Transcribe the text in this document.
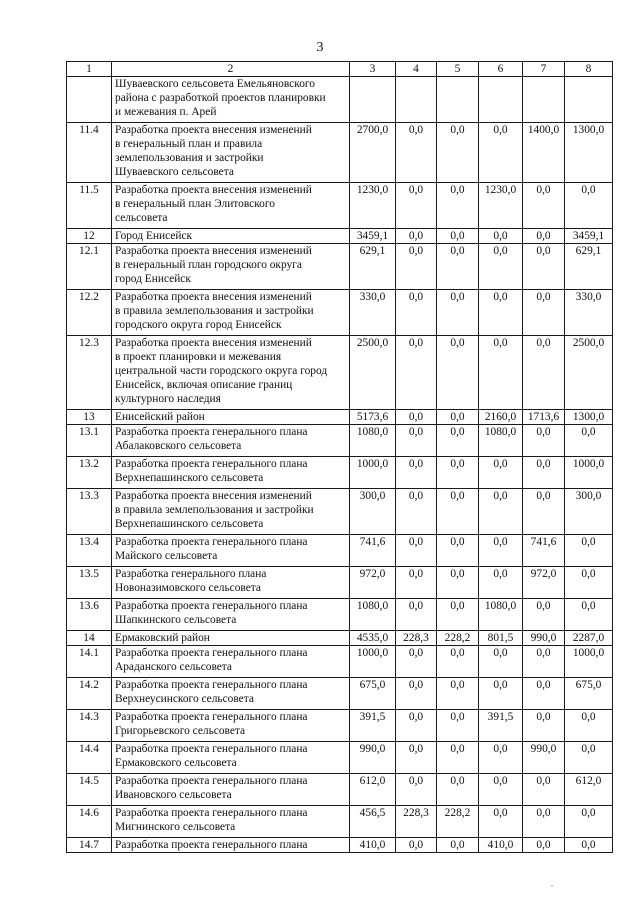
3
1	2	3	4	5	6	7	8
	Шуваевского сельсовета Емельяновского
района с разработкой проектов планировки
и межевания п. Арей						
11.4	Разработка проекта внесения изменений
в генеральный план и правила
землепользования и застройки
Шуваевского сельсовета	2700,0	0,0	0,0	0,0	1400,0	1300,0
11.5	Разработка проекта внесения изменений
в генеральный план Элитовского
сельсовета	1230,0	0,0	0,0	1230,0	0,0	0,0
12	Город Енисейск	3459,1	0,0	0,0	0,0	0,0	3459,1
12.1	Разработка проекта внесения изменений
в генеральный план городского округа
город Енисейск	629,1	0,0	0,0	0,0	0,0	629,1
12.2	Разработка проекта внесения изменений
в правила землепользования и застройки
городского округа город Енисейск	330,0	0,0	0,0	0,0	0,0	330,0
12.3	Разработка проекта внесения изменений
в проект планировки и межевания
центральной части городского округа город
Енисейск, включая описание границ
культурного наследия	2500,0	0,0	0,0	0,0	0,0	2500,0
13	Енисейский район	5173,6	0,0	0,0	2160,0	1713,6	1300,0
13.1	Разработка проекта генерального плана
Абалаковского сельсовета	1080,0	0,0	0,0	1080,0	0,0	0,0
13.2	Разработка проекта генерального плана
Верхнепашинского сельсовета	1000,0	0,0	0,0	0,0	0,0	1000,0
13.3	Разработка проекта внесения изменений
в правила землепользования и застройки
Верхнепашинского сельсовета	300,0	0,0	0,0	0,0	0,0	300,0
13.4	Разработка проекта генерального плана
Майского сельсовета	741,6	0,0	0,0	0,0	741,6	0,0
13.5	Разработка генерального плана
Новоназимовского сельсовета	972,0	0,0	0,0	0,0	972,0	0,0
13.6	Разработка проекта генерального плана
Шапкинского сельсовета	1080,0	0,0	0,0	1080,0	0,0	0,0
14	Ермаковский район	4535,0	228,3	228,2	801,5	990,0	2287,0
14.1	Разработка проекта генерального плана
Араданского сельсовета	1000,0	0,0	0,0	0,0	0,0	1000,0
14.2	Разработка проекта генерального плана
Верхнеусинского сельсовета	675,0	0,0	0,0	0,0	0,0	675,0
14.3	Разработка проекта генерального плана
Григорьевского сельсовета	391,5	0,0	0,0	391,5	0,0	0,0
14.4	Разработка проекта генерального плана
Ермаковского сельсовета	990,0	0,0	0,0	0,0	990,0	0,0
14.5	Разработка проекта генерального плана
Ивановского сельсовета	612,0	0,0	0,0	0,0	0,0	612,0
14.6	Разработка проекта генерального плана
Мигнинского сельсовета	456,5	228,3	228,2	0,0	0,0	0,0
14.7	Разработка проекта генерального плана	410,0	0,0	0,0	410,0	0,0	0,0
